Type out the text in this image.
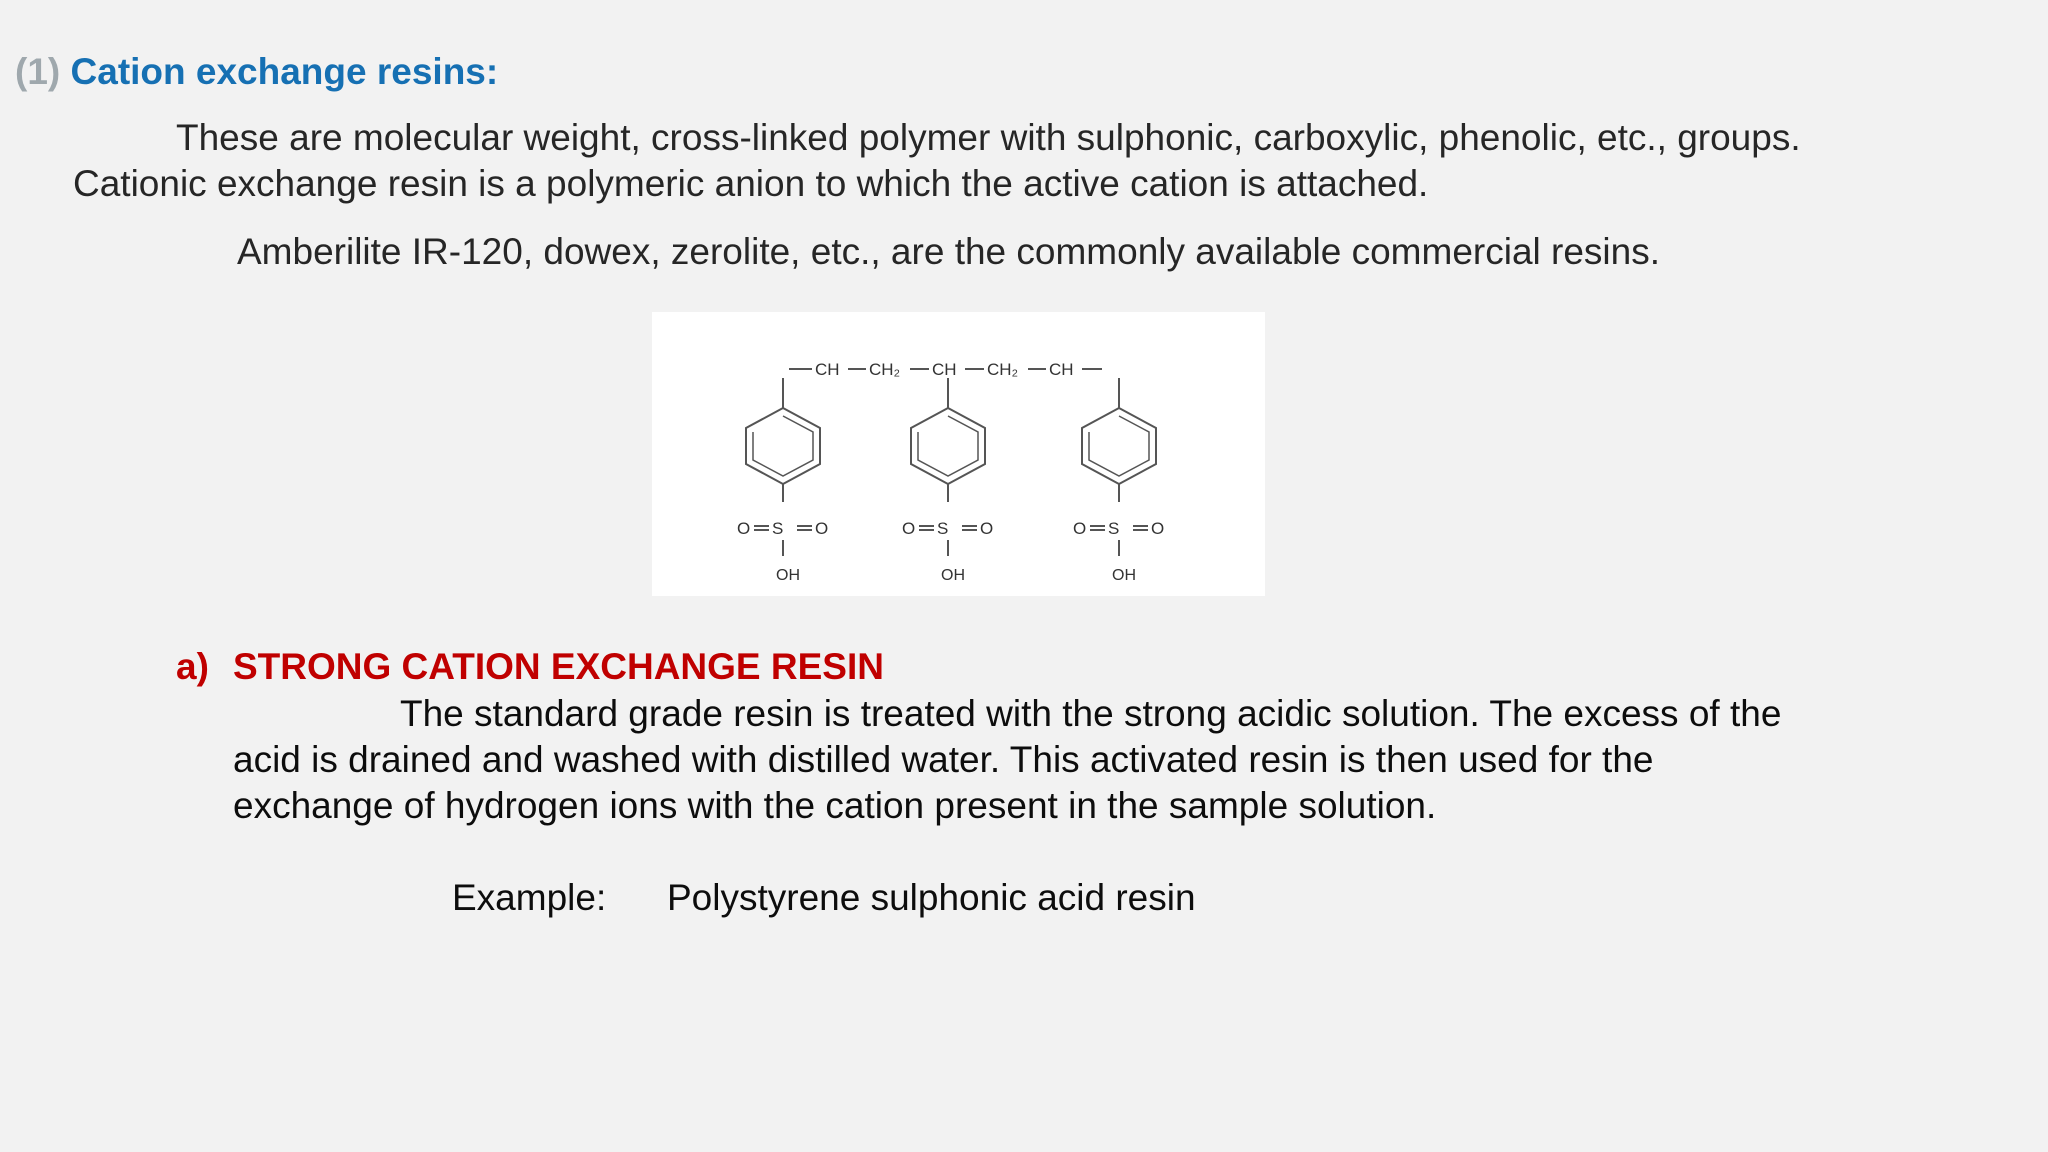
(1) Cation exchange resins:
These are molecular weight, cross-linked polymer with sulphonic, carboxylic, phenolic, etc., groups.
Cationic exchange resin is a polymeric anion to which the active cation is attached.
Amberilite IR-120, dowex, zerolite, etc., are the commonly available commercial resins.
CH CH₂ CH CH₂ CH
O S O
OH
O S O
OH
O S O
OH
a) STRONG CATION EXCHANGE RESIN
The standard grade resin is treated with the strong acidic solution. The excess of the
acid is drained and washed with distilled water. This activated resin is then used for the
exchange of hydrogen ions with the cation present in the sample solution.
Example: Polystyrene sulphonic acid resin
